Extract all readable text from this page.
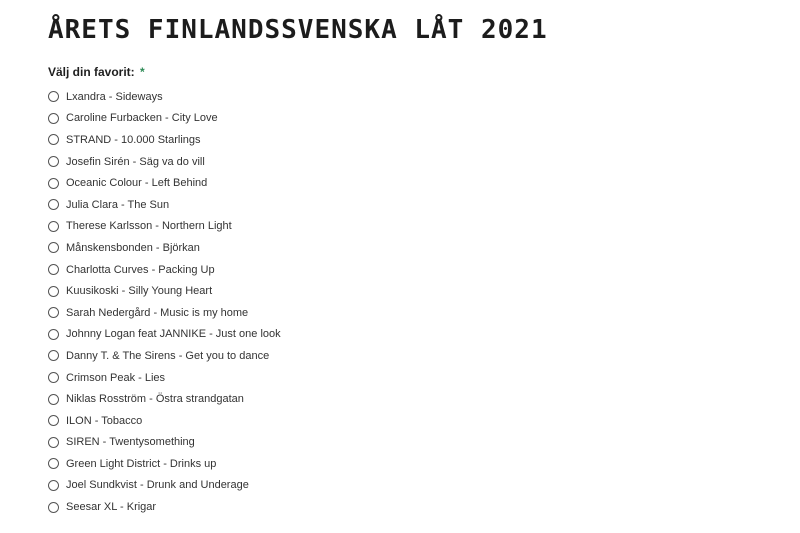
ÅRETS FINLANDSSVENSKA LÅT 2021
Välj din favorit: *
Lxandra - Sideways
Caroline Furbacken - City Love
STRAND - 10.000 Starlings
Josefin Sirén - Säg va do vill
Oceanic Colour - Left Behind
Julia Clara - The Sun
Therese Karlsson - Northern Light
Månskensbonden - Björkan
Charlotta Curves - Packing Up
Kuusikoski - Silly Young Heart
Sarah Nedergård - Music is my home
Johnny Logan feat JANNIKE - Just one look
Danny T. & The Sirens - Get you to dance
Crimson Peak - Lies
Niklas Rosström - Östra strandgatan
ILON - Tobacco
SIREN - Twentysomething
Green Light District - Drinks up
Joel Sundkvist - Drunk and Underage
Seesar XL - Krigar
